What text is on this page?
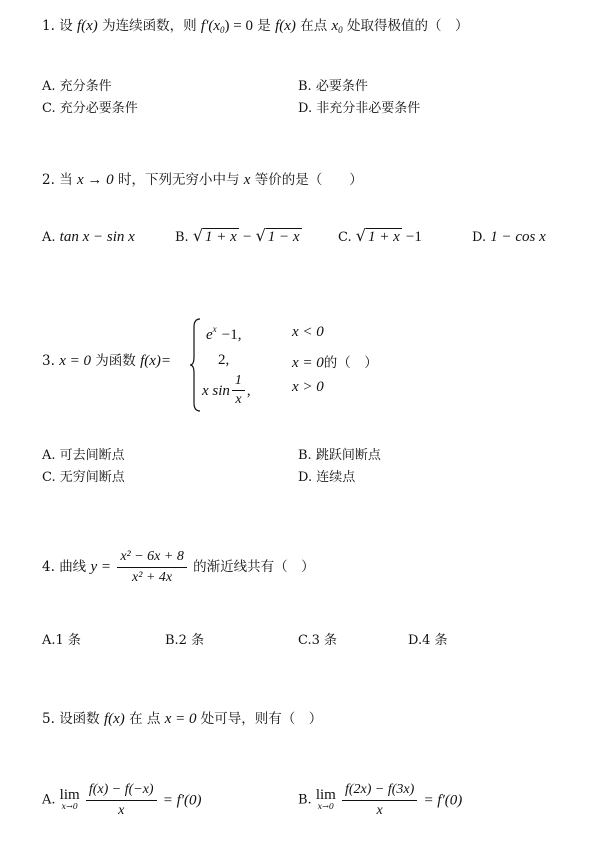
1. 设 f(x) 为连续函数，则 $f'(x_0) = 0$ 是 f(x) 在点 $x_0$ 处取得极值的（　）
A. 充分条件	B. 必要条件
C. 充分必要条件	D. 非充分非必要条件
2. 当 x → 0 时，下列无穷小中与 x 等价的是（　　）
A. tan x − sin x	B. √ 1 + x − √ 1 − x	C. √ 1 + x −1	D. 1 − cos x
3. x = 0 为函数 f(x)=
$e^x -1$,	x < 0
2,	x = 0的（　）
x $\sin \frac{1}{x}$ ,	x > 0
A. 可去间断点	B. 跳跃间断点
C. 无穷间断点	D. 连续点
4. 曲线 $y = \frac{\text{x² − 6x + 8}}{\text{x² + 4x}}$ 的渐近线共有（　）
A.1 条	B.2 条	C.3 条	D.4 条
5. 设函数 f(x) 在 点 x = 0 处可导，则有（　）
A. lim
x→0
$\frac{f(x) - f(-x)}{x} = f'(0)$	B. lim
x→0
$\frac{f(2x) - f(3x)}{x} = f'(0)$
